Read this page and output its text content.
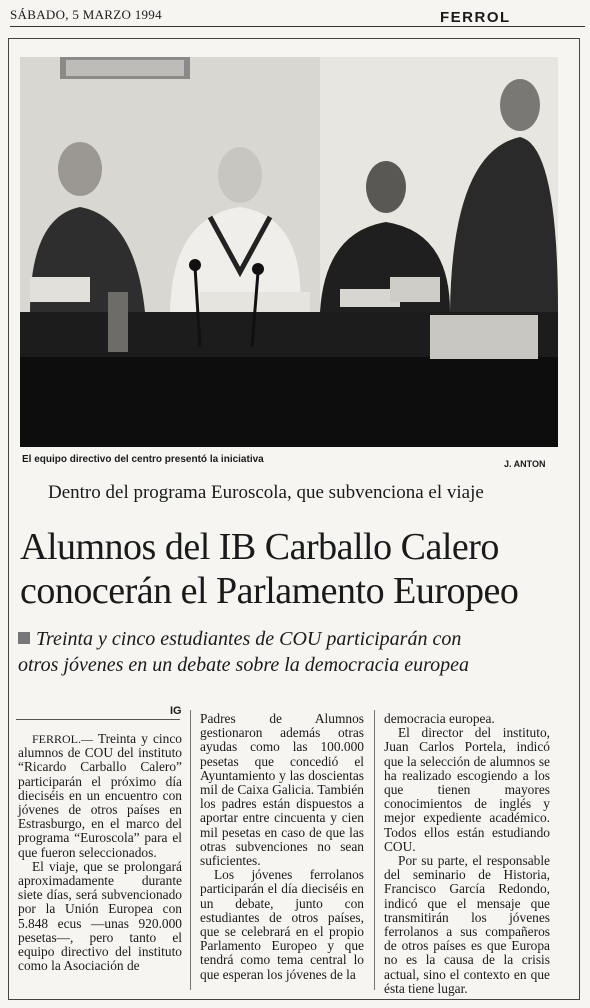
SÁBADO, 5 MARZO 1994	FERROL
El equipo directivo del centro presentó la iniciativa	J. ANTON
Dentro del programa Euroscola, que subvenciona el viaje
Alumnos del IB Carballo Calero
conocerán el Parlamento Europeo
Treinta y cinco estudiantes de COU participarán con
otros jóvenes en un debate sobre la democracia europea
IG

FERROL.— Treinta y cinco alumnos de COU del instituto “Ricardo Carballo Calero” participarán el próximo día dieciséis en un encuentro con jóvenes de otros países en Estrasburgo, en el marco del programa “Euroscola” para el que fueron seleccionados.

El viaje, que se prolongará aproximadamente durante siete días, será subvencionado por la Unión Europea con 5.848 ecus —unas 920.000 pesetas—, pero tanto el equipo directivo del instituto como la Asociación de

Padres de Alumnos gestionaron además otras ayudas como las 100.000 pesetas que concedió el Ayuntamiento y las doscientas mil de Caixa Galicia. También los padres están dispuestos a aportar entre cincuenta y cien mil pesetas en caso de que las otras subvenciones no sean suficientes.

Los jóvenes ferrolanos participarán el día dieciséis en un debate, junto con estudiantes de otros países, que se celebrará en el propio Parlamento Europeo y que tendrá como tema central lo que esperan los jóvenes de la

democracia europea.

El director del instituto, Juan Carlos Portela, indicó que la selección de alumnos se ha realizado escogiendo a los que tienen mayores conocimientos de inglés y mejor expediente académico. Todos ellos están estudiando COU.

Por su parte, el responsable del seminario de Historia, Francisco García Redondo, indicó que el mensaje que transmitirán los jóvenes ferrolanos a sus compañeros de otros países es que Europa no es la causa de la crisis actual, sino el contexto en que ésta tiene lugar.
